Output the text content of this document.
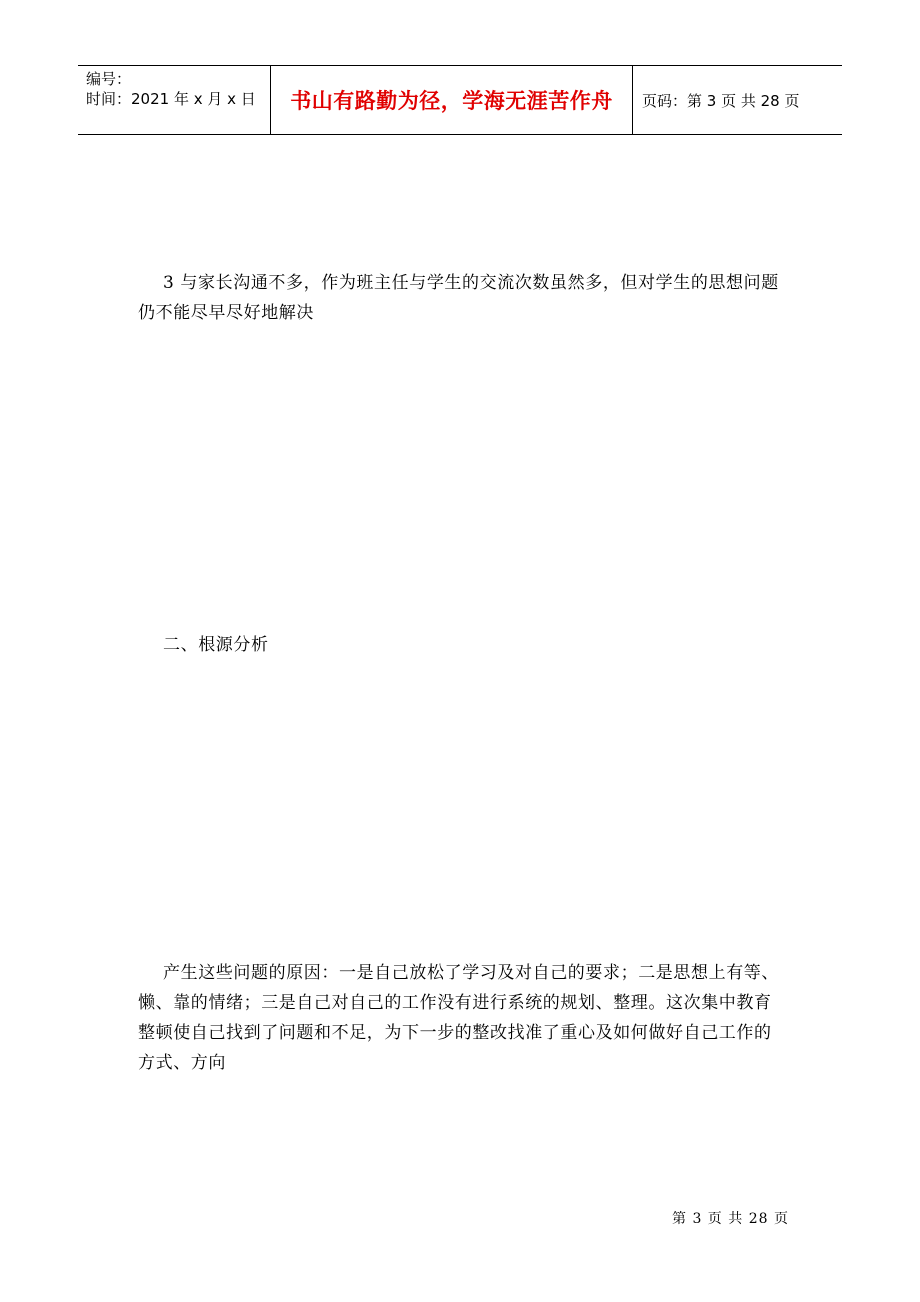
编号：
时间：2021 年 x 月 x 日	书山有路勤为径，学海无涯苦作舟 页码：第 3 页 共 28 页

3 与家长沟通不多，作为班主任与学生的交流次数虽然多，但对学生的思想问题仍不能尽早尽好地解决

二、根源分析

产生这些问题的原因：一是自己放松了学习及对自己的要求；二是思想上有等、懒、靠的情绪；三是自己对自己的工作没有进行系统的规划、整理。这次集中教育整顿使自己找到了问题和不足，为下一步的整改找准了重心及如何做好自己工作的方式、方向

第 3 页 共 28 页
